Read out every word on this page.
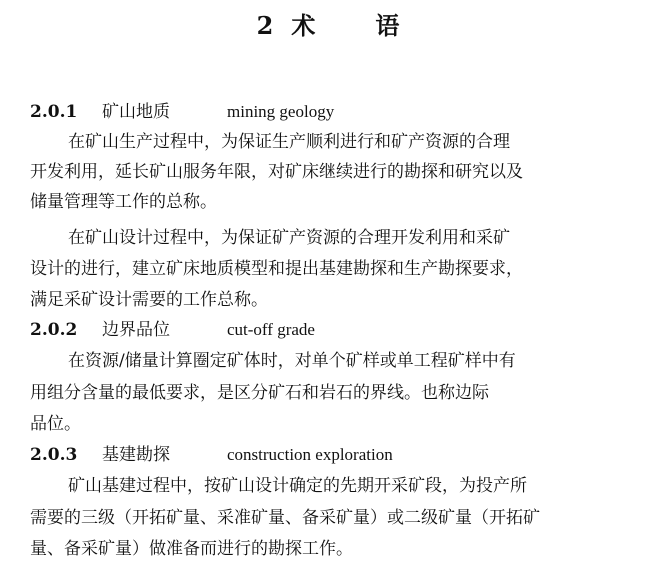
2 术	语
2.0.1 矿山地质	mining geology
在矿山生产过程中，为保证生产顺利进行和矿产资源的合理
开发利用，延长矿山服务年限，对矿床继续进行的勘探和研究以及
储量管理等工作的总称。
在矿山设计过程中，为保证矿产资源的合理开发利用和采矿
设计的进行，建立矿床地质模型和提出基建勘探和生产勘探要求，
满足采矿设计需要的工作总称。
2.0.2 边界品位	cut-off grade
在资源/储量计算圈定矿体时，对单个矿样或单工程矿样中有
用组分含量的最低要求，是区分矿石和岩石的界线。也称边际
品位。
2.0.3 基建勘探	construction exploration
矿山基建过程中，按矿山设计确定的先期开采矿段，为投产所
需要的三级（开拓矿量、采准矿量、备采矿量）或二级矿量（开拓矿
量、备采矿量）做准备而进行的勘探工作。
